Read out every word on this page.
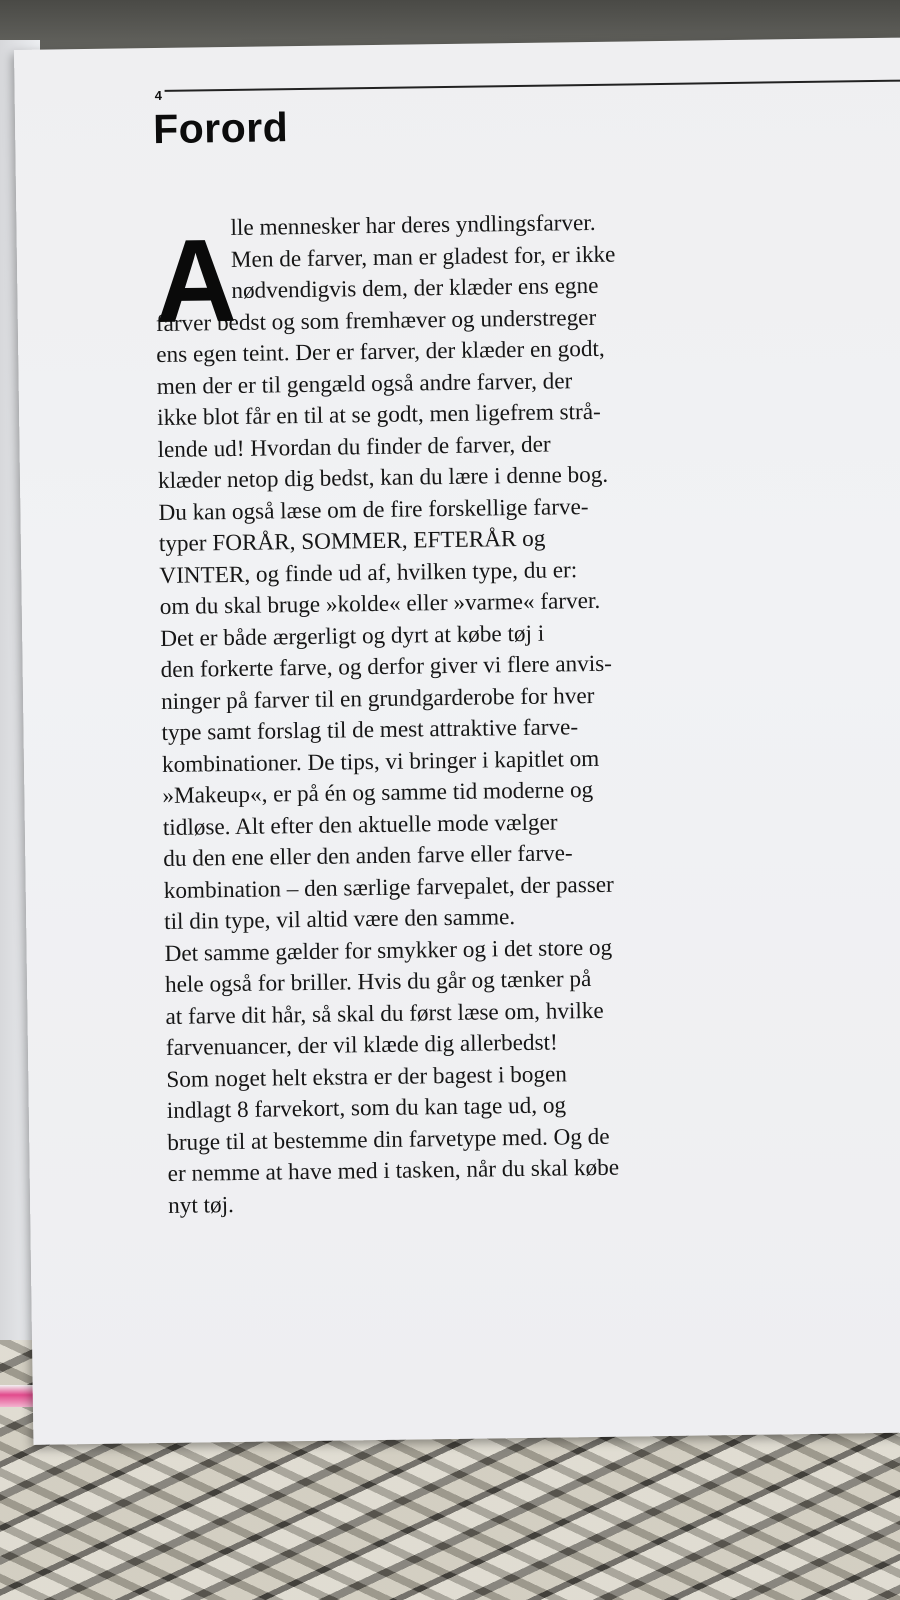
4
Forord
A
lle mennesker har deres yndlingsfarver.
Men de farver, man er gladest for, er ikke
nødvendigvis dem, der klæder ens egne
farver bedst og som fremhæver og understreger
ens egen teint. Der er farver, der klæder en godt,
men der er til gengæld også andre farver, der
ikke blot får en til at se godt, men ligefrem strå-
lende ud! Hvordan du finder de farver, der
klæder netop dig bedst, kan du lære i denne bog.
Du kan også læse om de fire forskellige farve-
typer FORÅR, SOMMER, EFTERÅR og
VINTER, og finde ud af, hvilken type, du er:
om du skal bruge »kolde« eller »varme« farver.
Det er både ærgerligt og dyrt at købe tøj i
den forkerte farve, og derfor giver vi flere anvis-
ninger på farver til en grundgarderobe for hver
type samt forslag til de mest attraktive farve-
kombinationer. De tips, vi bringer i kapitlet om
»Makeup«, er på én og samme tid moderne og
tidløse. Alt efter den aktuelle mode vælger
du den ene eller den anden farve eller farve-
kombination – den særlige farvepalet, der passer
til din type, vil altid være den samme.
Det samme gælder for smykker og i det store og
hele også for briller. Hvis du går og tænker på
at farve dit hår, så skal du først læse om, hvilke
farvenuancer, der vil klæde dig allerbedst!
Som noget helt ekstra er der bagest i bogen
indlagt 8 farvekort, som du kan tage ud, og
bruge til at bestemme din farvetype med. Og de
er nemme at have med i tasken, når du skal købe
nyt tøj.
